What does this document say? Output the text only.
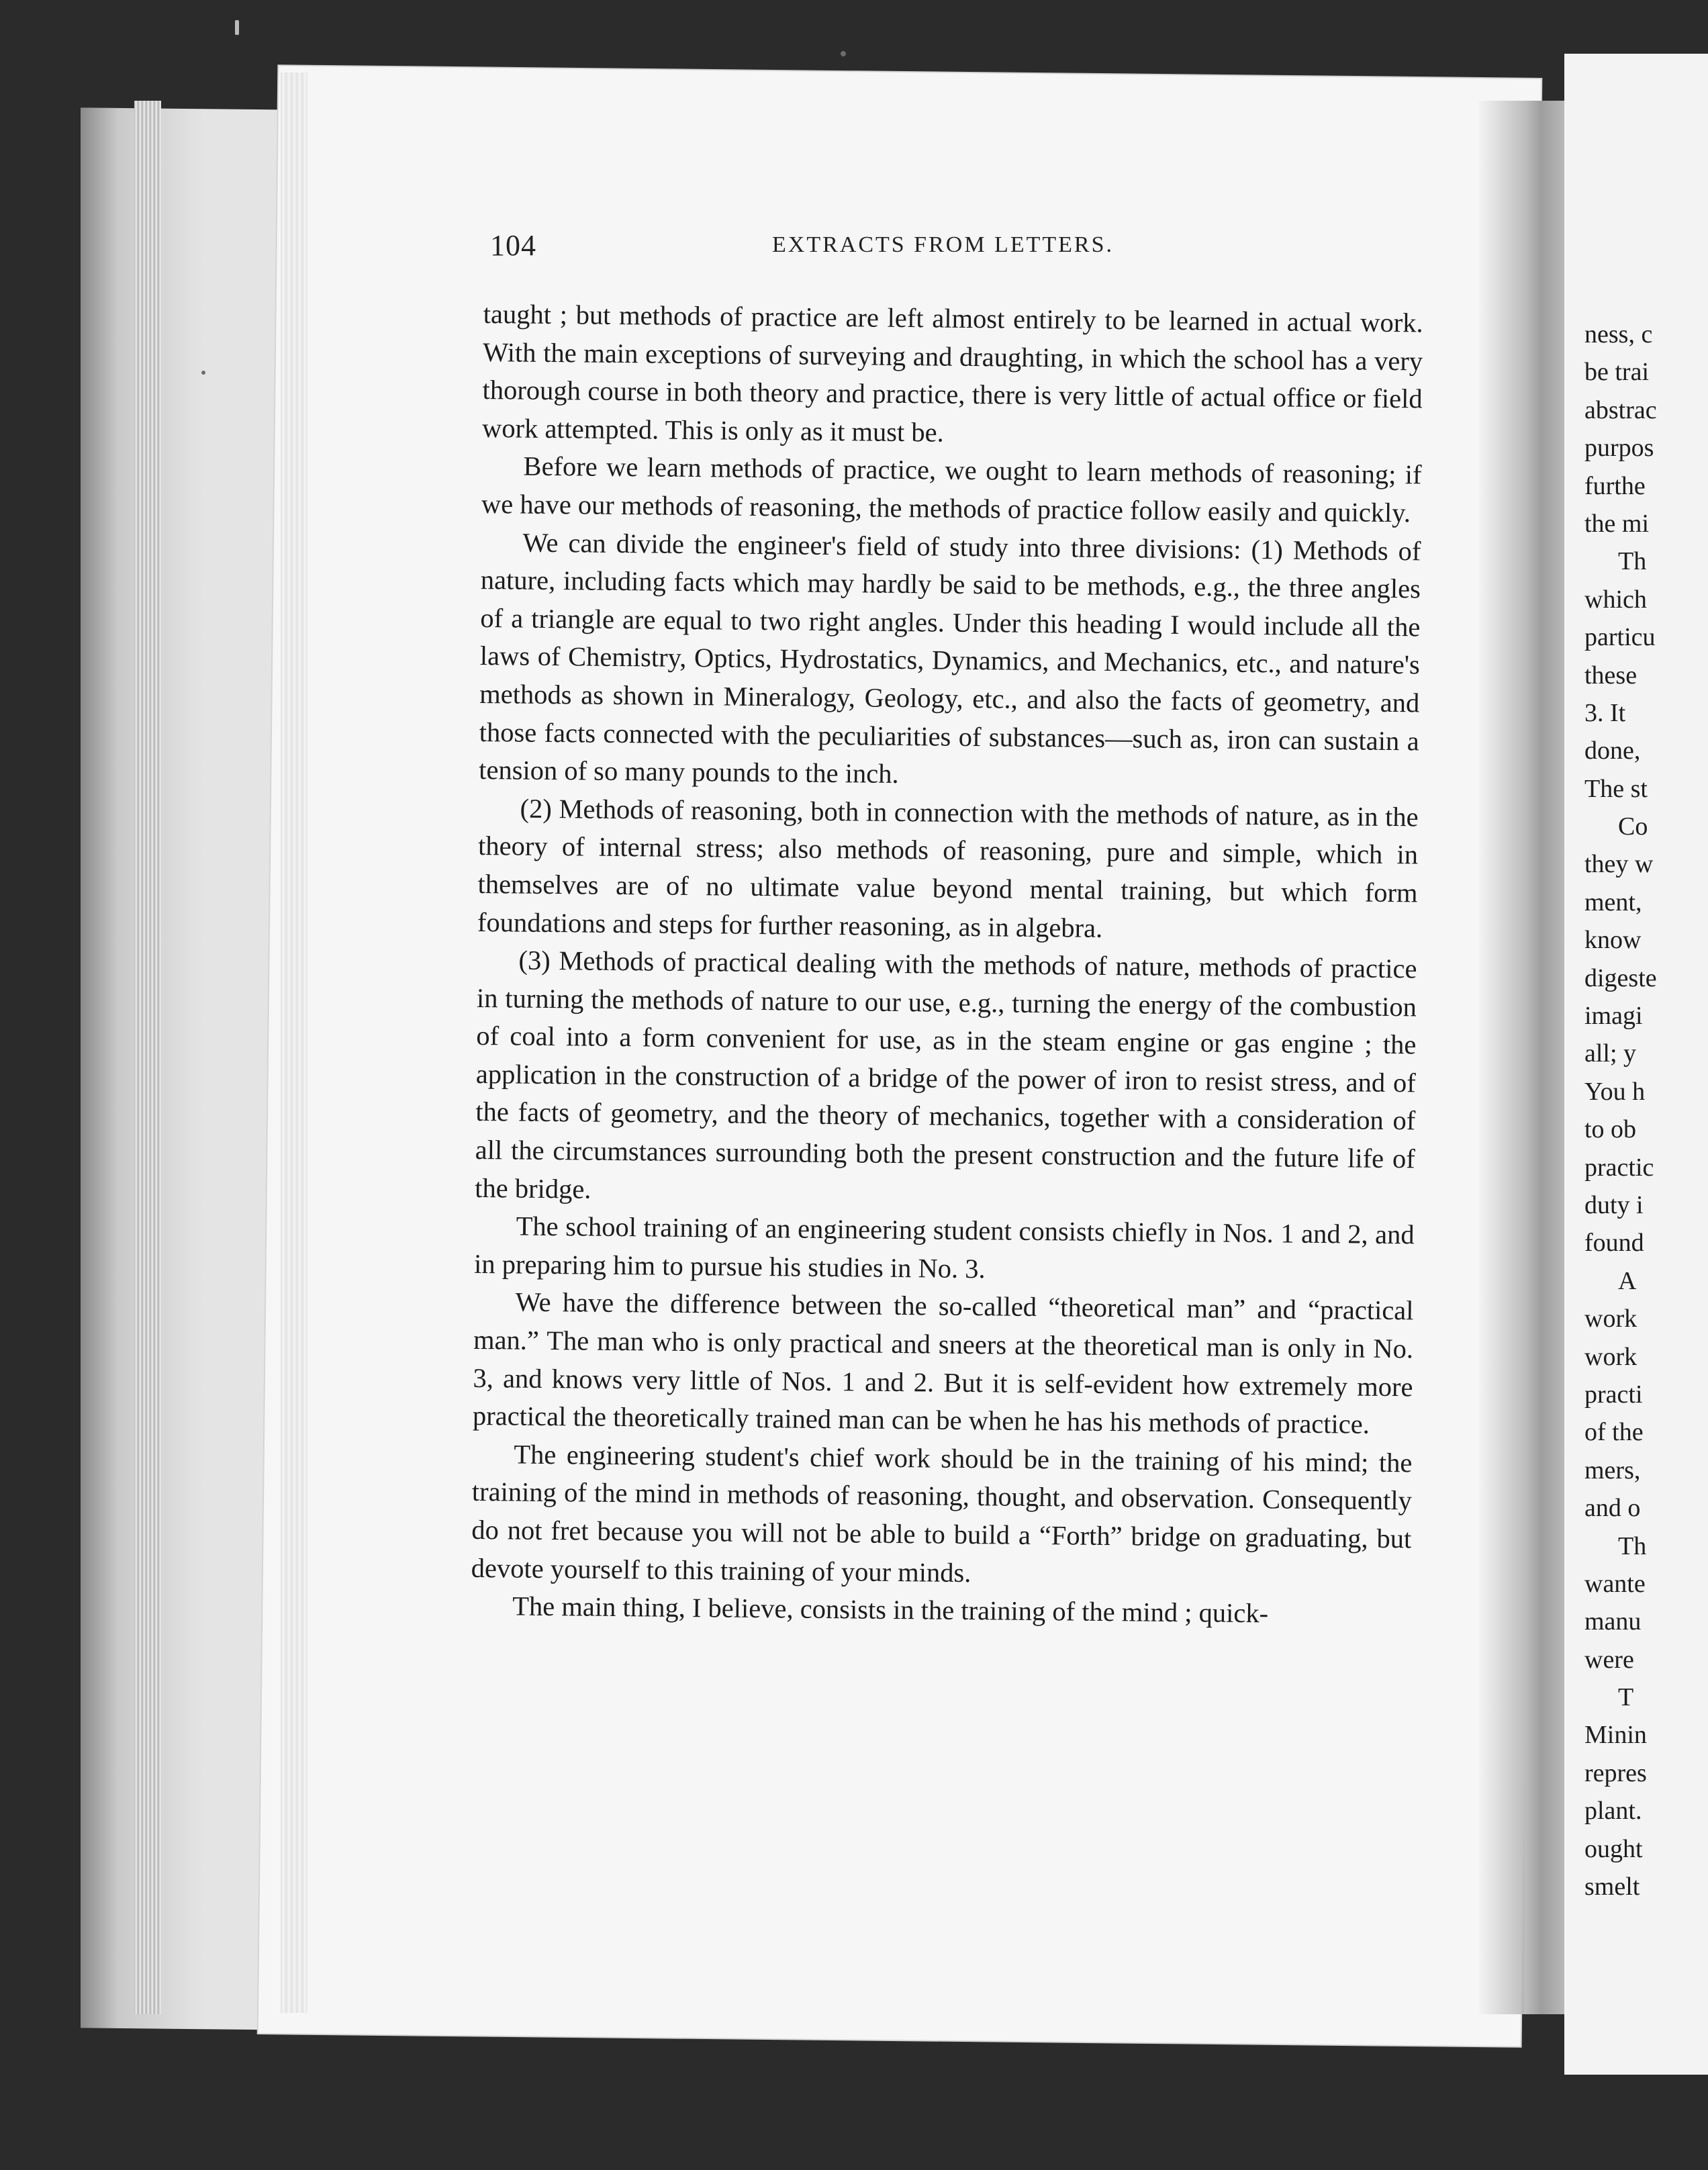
104	EXTRACTS FROM LETTERS.

taught ; but methods of practice are left almost entirely to be learned in actual work. With the main exceptions of surveying and draughting, in which the school has a very thorough course in both theory and practice, there is very little of actual office or field work attempted. This is only as it must be.

Before we learn methods of practice, we ought to learn methods of reasoning; if we have our methods of reasoning, the methods of practice follow easily and quickly.

We can divide the engineer's field of study into three divisions: (1) Methods of nature, including facts which may hardly be said to be methods, e.g., the three angles of a triangle are equal to two right angles. Under this heading I would include all the laws of Chemistry, Optics, Hydrostatics, Dynamics, and Mechanics, etc., and nature's methods as shown in Mineralogy, Geology, etc., and also the facts of geometry, and those facts connected with the peculiarities of substances—such as, iron can sustain a tension of so many pounds to the inch.

(2) Methods of reasoning, both in connection with the methods of nature, as in the theory of internal stress; also methods of reasoning, pure and simple, which in themselves are of no ultimate value beyond mental training, but which form foundations and steps for further reasoning, as in algebra.

(3) Methods of practical dealing with the methods of nature, methods of practice in turning the methods of nature to our use, e.g., turning the energy of the combustion of coal into a form convenient for use, as in the steam engine or gas engine ; the application in the construction of a bridge of the power of iron to resist stress, and of the facts of geometry, and the theory of mechanics, together with a consideration of all the circumstances surrounding both the present construction and the future life of the bridge.

The school training of an engineering student consists chiefly in Nos. 1 and 2, and in preparing him to pursue his studies in No. 3.

We have the difference between the so-called “theoretical man” and “practical man.” The man who is only practical and sneers at the theoretical man is only in No. 3, and knows very little of Nos. 1 and 2. But it is self-evident how extremely more practical the theoretically trained man can be when he has his methods of practice.

The engineering student's chief work should be in the training of his mind; the training of the mind in methods of reasoning, thought, and observation. Consequently do not fret because you will not be able to build a “Forth” bridge on graduating, but devote yourself to this training of your minds.

The main thing, I believe, consists in the training of the mind ; quick-

ness, c
be trai
abstrac
purpos
furthe
the mi
Th
which
particu
these
3. It
done,
The st
Co
they w
ment,
know
digeste
imagi
all; y
You h
to ob
practic
duty i
found
A
work
work
practi
of the
mers,
and o
Th
wante
manu
were
T
Minin
repres
plant.
ought
smelt
